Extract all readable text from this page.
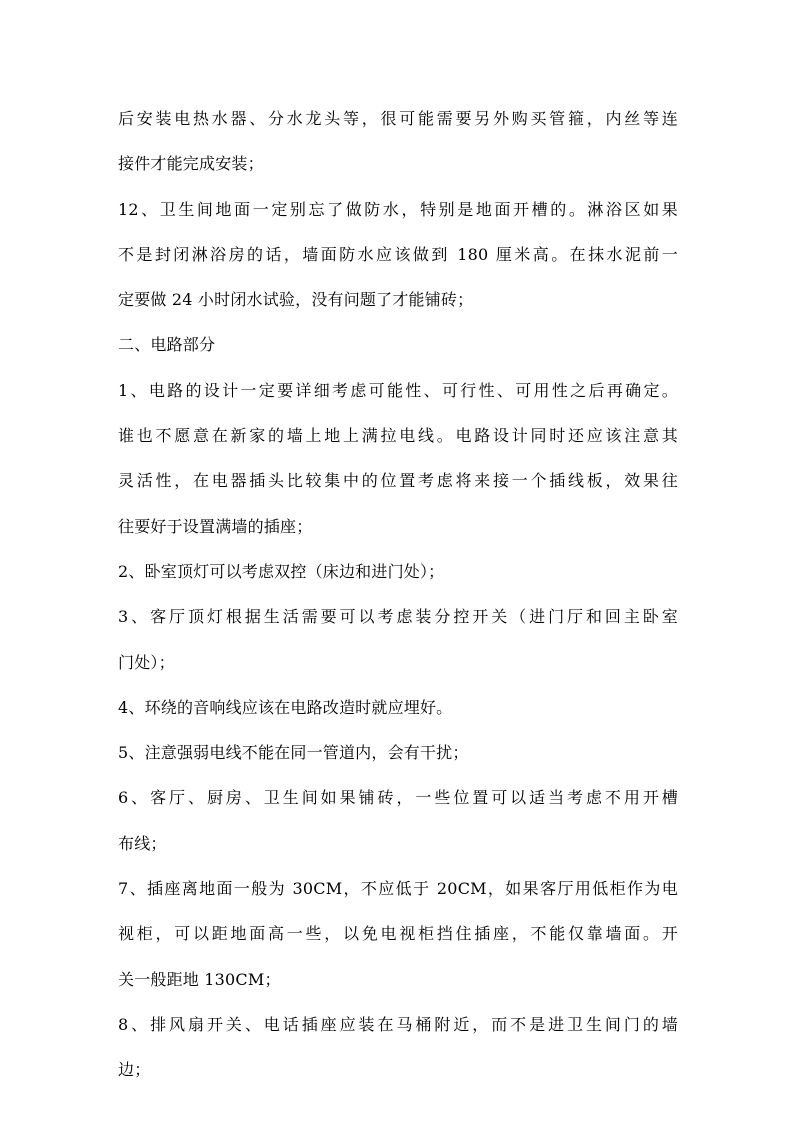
后安装电热水器、分水龙头等，很可能需要另外购买管箍，内丝等连
接件才能完成安装；
12、卫生间地面一定别忘了做防水，特别是地面开槽的。淋浴区如果
不是封闭淋浴房的话，墙面防水应该做到 180 厘米高。在抹水泥前一
定要做 24 小时闭水试验，没有问题了才能铺砖；
二、电路部分
1、电路的设计一定要详细考虑可能性、可行性、可用性之后再确定。
谁也不愿意在新家的墙上地上满拉电线。电路设计同时还应该注意其
灵活性，在电器插头比较集中的位置考虑将来接一个插线板，效果往
往要好于设置满墙的插座；
2、卧室顶灯可以考虑双控（床边和进门处）；
3、客厅顶灯根据生活需要可以考虑装分控开关（进门厅和回主卧室
门处）；
4、环绕的音响线应该在电路改造时就应埋好。
5、注意强弱电线不能在同一管道内，会有干扰；
6、客厅、厨房、卫生间如果铺砖，一些位置可以适当考虑不用开槽
布线；
7、插座离地面一般为 30CM，不应低于 20CM，如果客厅用低柜作为电
视柜，可以距地面高一些，以免电视柜挡住插座，不能仅靠墙面。开
关一般距地 130CM；
8、排风扇开关、电话插座应装在马桶附近，而不是进卫生间门的墙
边；
